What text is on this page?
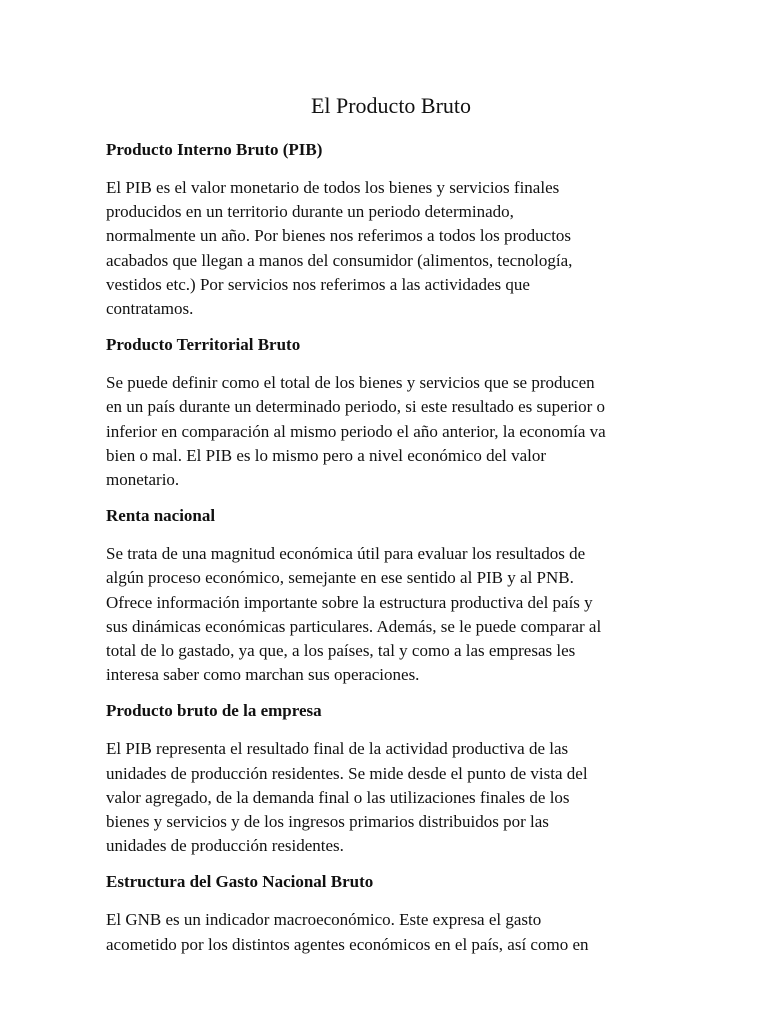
El Producto Bruto
Producto Interno Bruto (PIB)

El PIB es el valor monetario de todos los bienes y servicios finales
producidos en un territorio durante un periodo determinado,
normalmente un año. Por bienes nos referimos a todos los productos
acabados que llegan a manos del consumidor (alimentos, tecnología,
vestidos etc.) Por servicios nos referimos a las actividades que
contratamos.

Producto Territorial Bruto

Se puede definir como el total de los bienes y servicios que se producen
en un país durante un determinado periodo, si este resultado es superior o
inferior en comparación al mismo periodo el año anterior, la economía va
bien o mal. El PIB es lo mismo pero a nivel económico del valor
monetario.

Renta nacional

Se trata de una magnitud económica útil para evaluar los resultados de
algún proceso económico, semejante en ese sentido al PIB y al PNB.
Ofrece información importante sobre la estructura productiva del país y
sus dinámicas económicas particulares. Además, se le puede comparar al
total de lo gastado, ya que, a los países, tal y como a las empresas les
interesa saber como marchan sus operaciones.

Producto bruto de la empresa

El PIB representa el resultado final de la actividad productiva de las
unidades de producción residentes. Se mide desde el punto de vista del
valor agregado, de la demanda final o las utilizaciones finales de los
bienes y servicios y de los ingresos primarios distribuidos por las
unidades de producción residentes.

Estructura del Gasto Nacional Bruto

El GNB es un indicador macroeconómico. Este expresa el gasto
acometido por los distintos agentes económicos en el país, así como en
